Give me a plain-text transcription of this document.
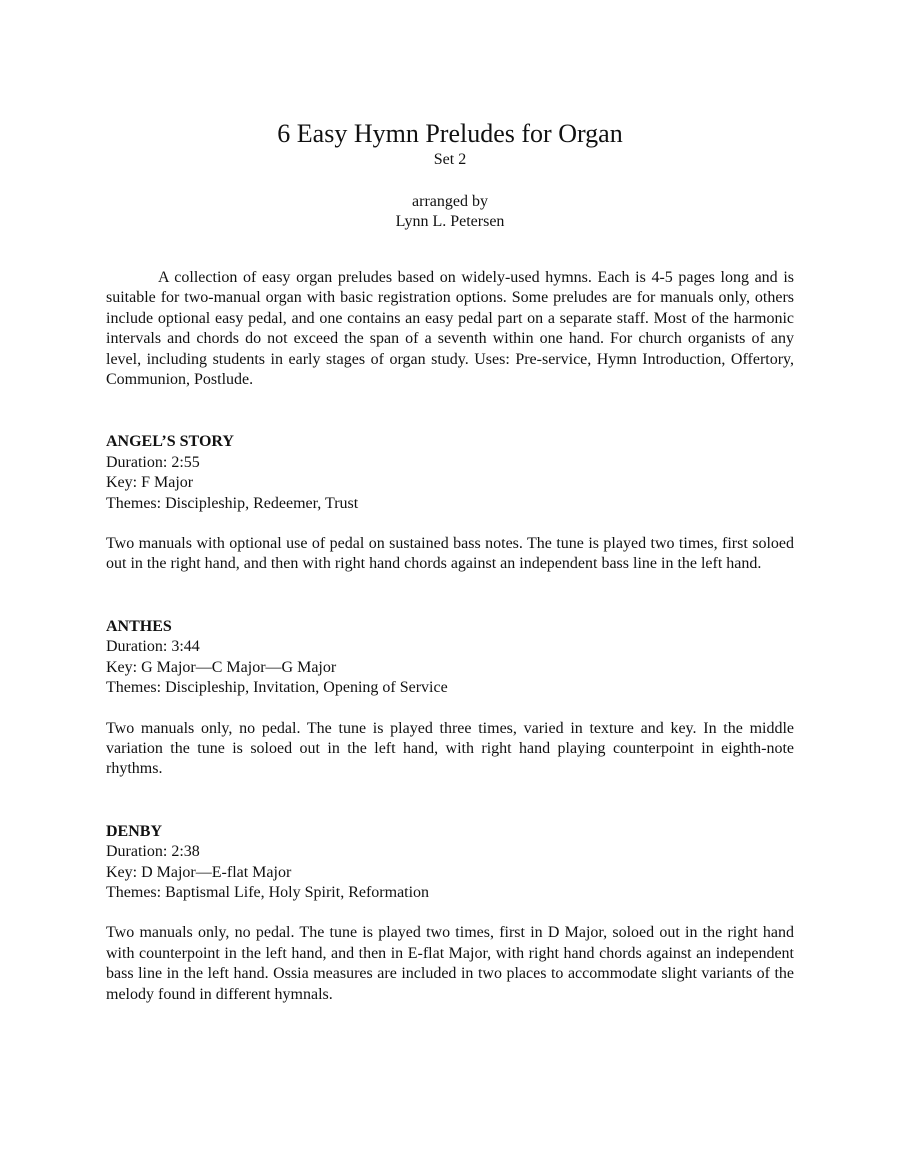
6 Easy Hymn Preludes for Organ

Set 2

arranged by

Lynn L. Petersen

A collection of easy organ preludes based on widely-used hymns. Each is 4-5 pages long and is suitable for two-manual organ with basic registration options. Some preludes are for manuals only, others include optional easy pedal, and one contains an easy pedal part on a separate staff. Most of the harmonic intervals and chords do not exceed the span of a seventh within one hand. For church organists of any level, including students in early stages of organ study. Uses: Pre-service, Hymn Introduction, Offertory, Communion, Postlude.

ANGEL’S STORY

Duration: 2:55

Key: F Major

Themes: Discipleship, Redeemer, Trust

Two manuals with optional use of pedal on sustained bass notes. The tune is played two times, first soloed out in the right hand, and then with right hand chords against an independent bass line in the left hand.

ANTHES

Duration: 3:44

Key: G Major—C Major—G Major

Themes: Discipleship, Invitation, Opening of Service

Two manuals only, no pedal. The tune is played three times, varied in texture and key. In the middle variation the tune is soloed out in the left hand, with right hand playing counterpoint in eighth-note rhythms.

DENBY

Duration: 2:38

Key: D Major—E-flat Major

Themes: Baptismal Life, Holy Spirit, Reformation

Two manuals only, no pedal. The tune is played two times, first in D Major, soloed out in the right hand with counterpoint in the left hand, and then in E-flat Major, with right hand chords against an independent bass line in the left hand. Ossia measures are included in two places to accommodate slight variants of the melody found in different hymnals.
